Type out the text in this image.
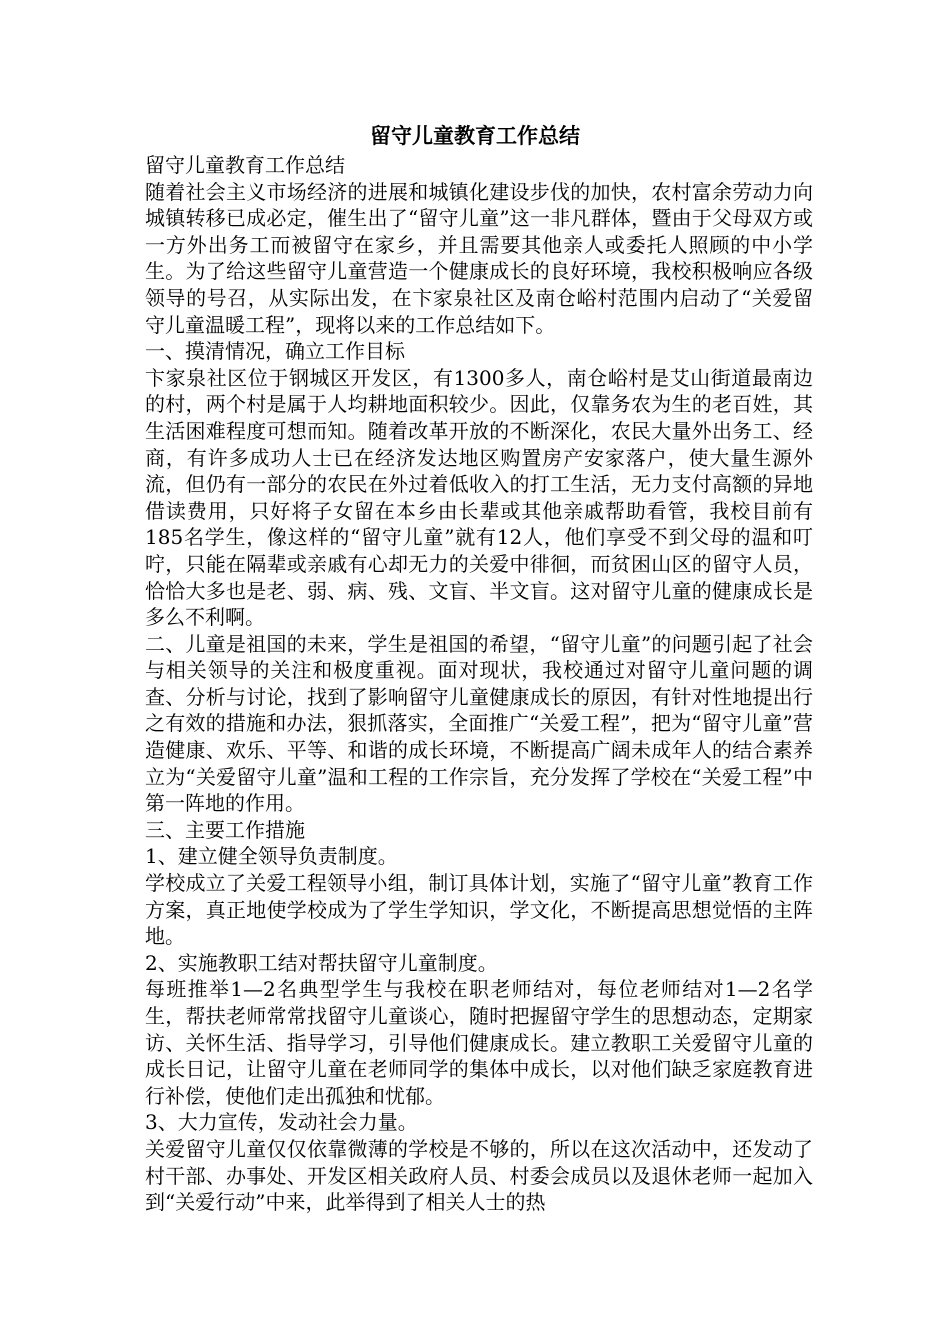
留守儿童教育工作总结

留守儿童教育工作总结

随着社会主义市场经济的进展和城镇化建设步伐的加快，农村富余劳动力向城镇转移已成必定，催生出了“留守儿童”这一非凡群体，暨由于父母双方或一方外出务工而被留守在家乡，并且需要其他亲人或委托人照顾的中小学生。为了给这些留守儿童营造一个健康成长的良好环境，我校积极响应各级领导的号召，从实际出发，在卞家泉社区及南仓峪村范围内启动了“关爱留守儿童温暖工程”，现将以来的工作总结如下。

一、摸清情况，确立工作目标

卞家泉社区位于钢城区开发区，有1300多人，南仓峪村是艾山街道最南边的村，两个村是属于人均耕地面积较少。因此，仅靠务农为生的老百姓，其生活困难程度可想而知。随着改革开放的不断深化，农民大量外出务工、经商，有许多成功人士已在经济发达地区购置房产安家落户，使大量生源外流，但仍有一部分的农民在外过着低收入的打工生活，无力支付高额的异地借读费用，只好将子女留在本乡由长辈或其他亲戚帮助看管，我校目前有185名学生，像这样的“留守儿童”就有12人，他们享受不到父母的温和叮咛，只能在隔辈或亲戚有心却无力的关爱中徘徊，而贫困山区的留守人员，恰恰大多也是老、弱、病、残、文盲、半文盲。这对留守儿童的健康成长是多么不利啊。

二、儿童是祖国的未来，学生是祖国的希望，“留守儿童”的问题引起了社会与相关领导的关注和极度重视。面对现状，我校通过对留守儿童问题的调查、分析与讨论，找到了影响留守儿童健康成长的原因，有针对性地提出行之有效的措施和办法，狠抓落实，全面推广“关爱工程”，把为“留守儿童”营造健康、欢乐、平等、和谐的成长环境，不断提高广阔未成年人的结合素养立为“关爱留守儿童”温和工程的工作宗旨，充分发挥了学校在“关爱工程”中第一阵地的作用。

三、主要工作措施

1、建立健全领导负责制度。

学校成立了关爱工程领导小组，制订具体计划，实施了“留守儿童”教育工作方案，真正地使学校成为了学生学知识，学文化，不断提高思想觉悟的主阵地。

2、实施教职工结对帮扶留守儿童制度。

每班推举1—2名典型学生与我校在职老师结对，每位老师结对1—2名学生，帮扶老师常常找留守儿童谈心，随时把握留守学生的思想动态，定期家访、关怀生活、指导学习，引导他们健康成长。建立教职工关爱留守儿童的成长日记，让留守儿童在老师同学的集体中成长，以对他们缺乏家庭教育进行补偿，使他们走出孤独和忧郁。

3、大力宣传，发动社会力量。

关爱留守儿童仅仅依靠微薄的学校是不够的，所以在这次活动中，还发动了村干部、办事处、开发区相关政府人员、村委会成员以及退休老师一起加入到“关爱行动”中来，此举得到了相关人士的热
